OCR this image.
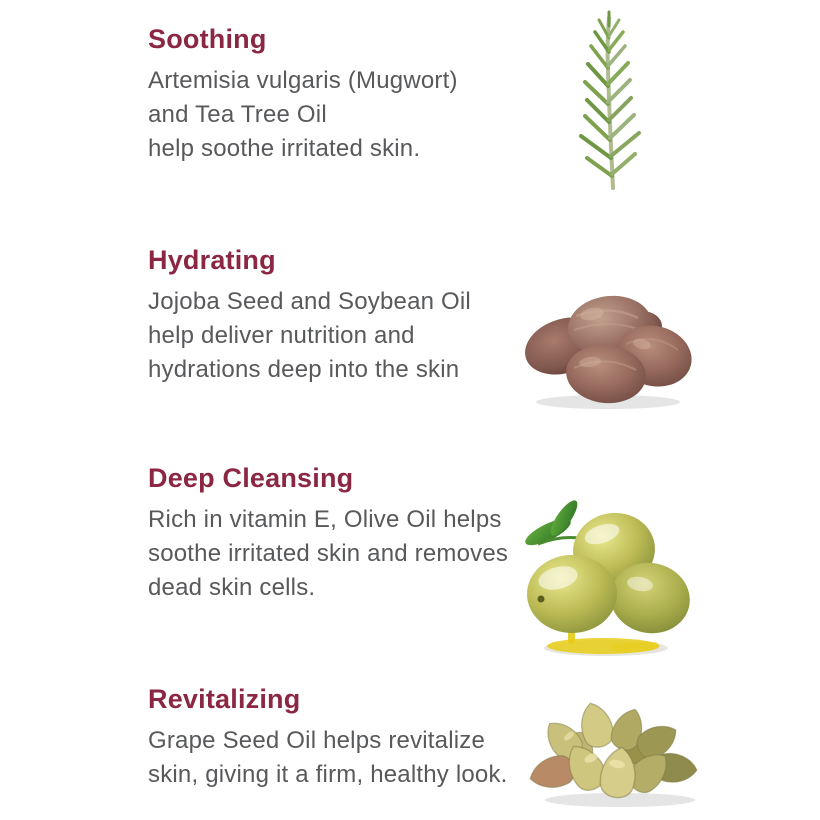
Soothing

Artemisia vulgaris (Mugwort)
and Tea Tree Oil
help soothe irritated skin.

Hydrating

Jojoba Seed and Soybean Oil
help deliver nutrition and
hydrations deep into the skin

Deep Cleansing

Rich in vitamin E, Olive Oil helps
soothe irritated skin and removes
dead skin cells.

Revitalizing

Grape Seed Oil helps revitalize
skin, giving it a firm, healthy look.
